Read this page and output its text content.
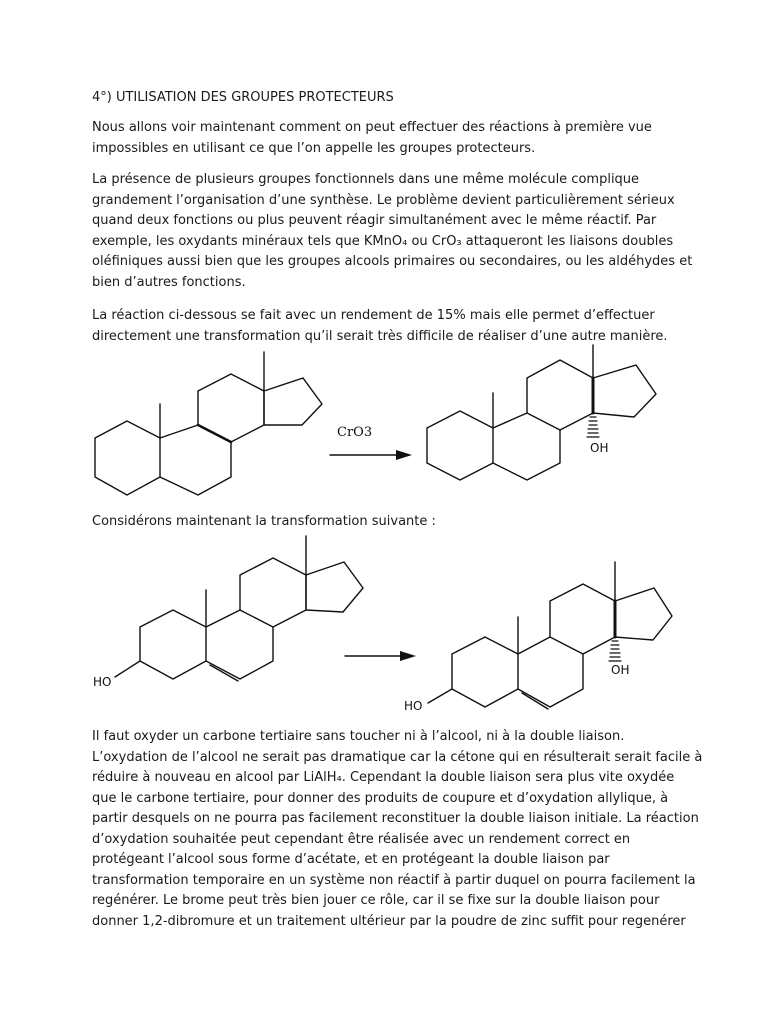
4°) UTILISATION DES GROUPES PROTECTEURS

Nous allons voir maintenant comment on peut effectuer des réactions à première vue
impossibles en utilisant ce que l’on appelle les groupes protecteurs.

La présence de plusieurs groupes fonctionnels dans une même molécule complique
grandement l’organisation d’une synthèse. Le problème devient particulièrement sérieux
quand deux fonctions ou plus peuvent réagir simultanément avec le même réactif. Par
exemple, les oxydants minéraux tels que KMnO₄ ou CrO₃ attaqueront les liaisons doubles
oléfiniques aussi bien que les groupes alcools primaires ou secondaires, ou les aldéhydes et
bien d’autres fonctions.

La réaction ci-dessous se fait avec un rendement de 15% mais elle permet d’effectuer
directement une transformation qu’il serait très difficile de réaliser d’une autre manière.

CrO3
OH

Considérons maintenant la transformation suivante :

HO
OH
HO

Il faut oxyder un carbone tertiaire sans toucher ni à l’alcool, ni à la double liaison.
L’oxydation de l’alcool ne serait pas dramatique car la cétone qui en résulterait serait facile à
réduire à nouveau en alcool par LiAlH₄. Cependant la double liaison sera plus vite oxydée
que le carbone tertiaire, pour donner des produits de coupure et d’oxydation allylique, à
partir desquels on ne pourra pas facilement reconstituer la double liaison initiale. La réaction
d’oxydation souhaitée peut cependant être réalisée avec un rendement correct en
protégeant l’alcool sous forme d’acétate, et en protégeant la double liaison par
transformation temporaire en un système non réactif à partir duquel on pourra facilement la
regénérer. Le brome peut très bien jouer ce rôle, car il se fixe sur la double liaison pour
donner 1,2-dibromure et un traitement ultérieur par la poudre de zinc suffit pour regenérer
